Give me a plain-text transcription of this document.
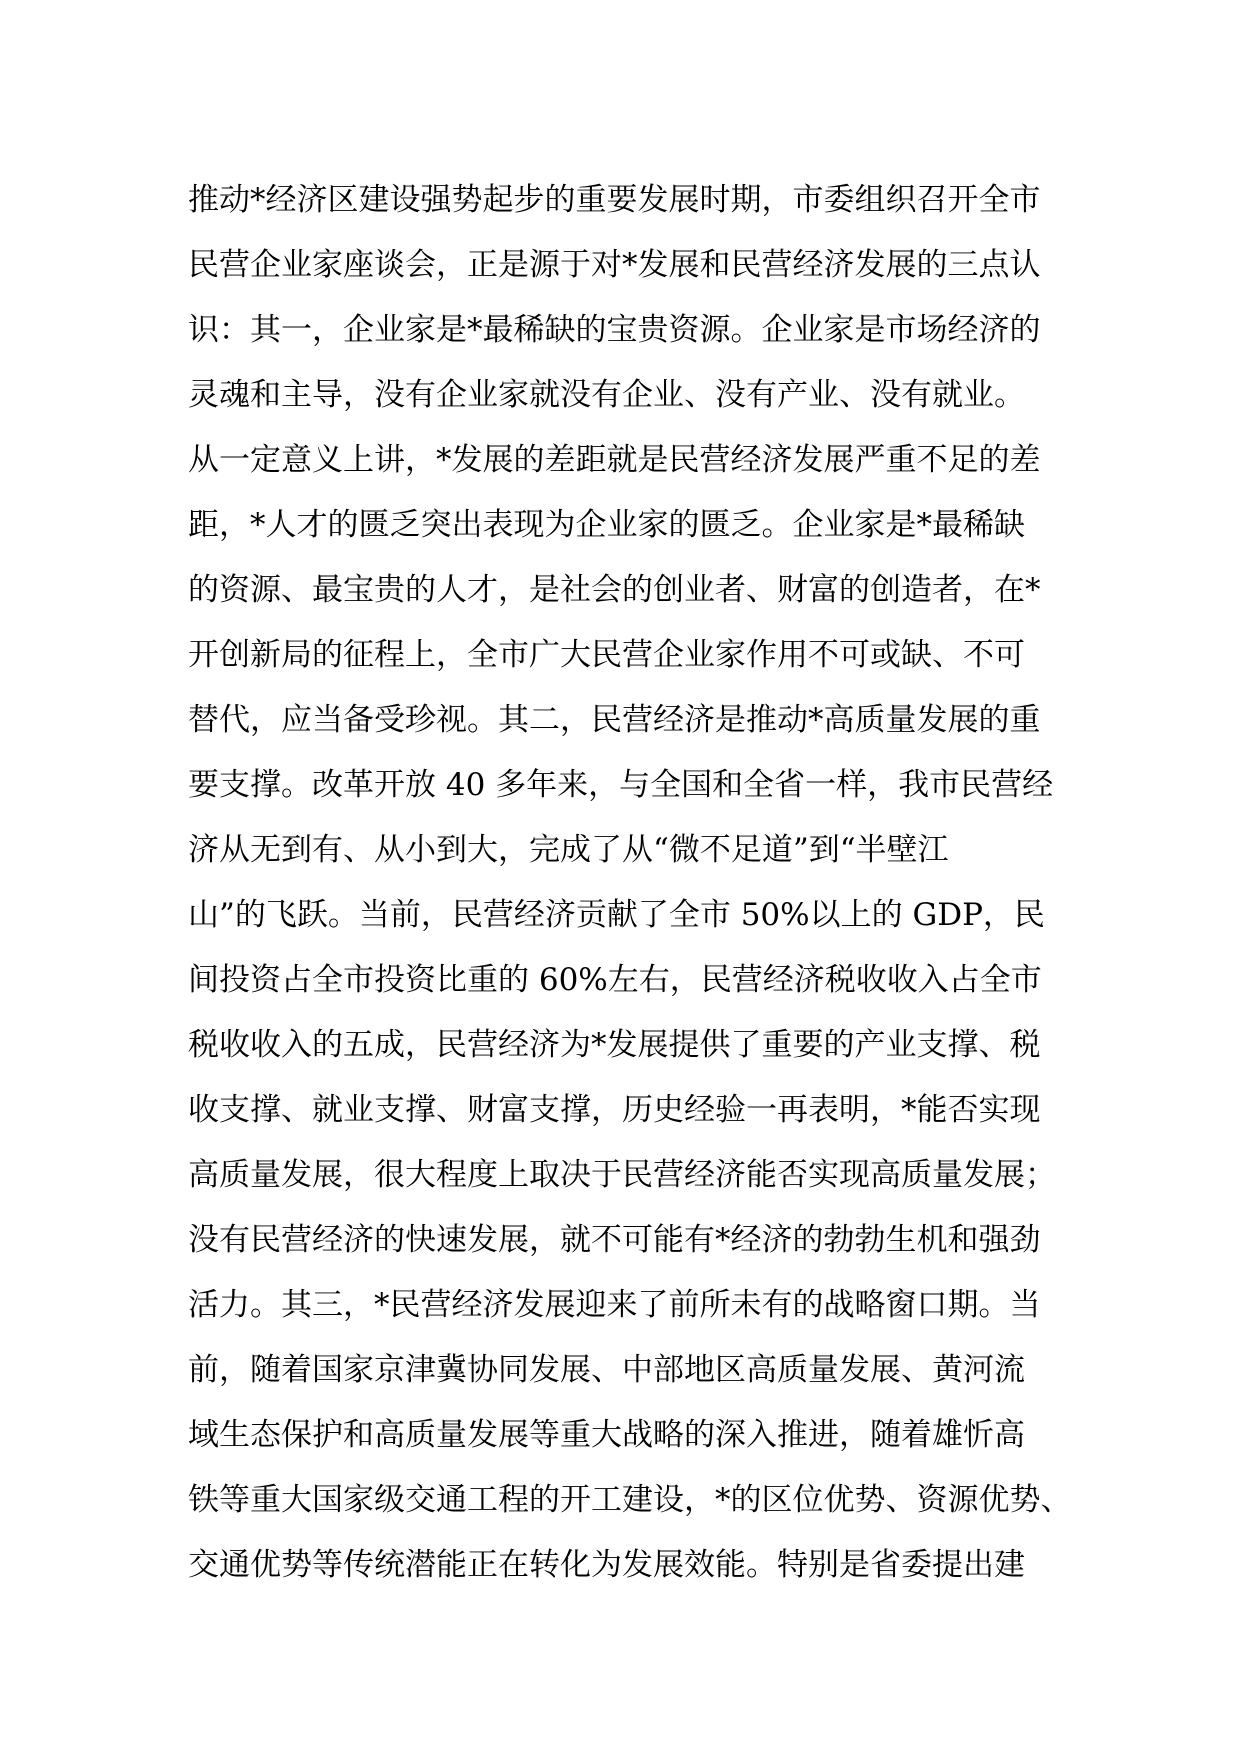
推动*经济区建设强势起步的重要发展时期，市委组织召开全市
民营企业家座谈会，正是源于对*发展和民营经济发展的三点认
识：其一，企业家是*最稀缺的宝贵资源。企业家是市场经济的
灵魂和主导，没有企业家就没有企业、没有产业、没有就业。
从一定意义上讲，*发展的差距就是民营经济发展严重不足的差
距，*人才的匮乏突出表现为企业家的匮乏。企业家是*最稀缺
的资源、最宝贵的人才，是社会的创业者、财富的创造者，在*
开创新局的征程上，全市广大民营企业家作用不可或缺、不可
替代，应当备受珍视。其二，民营经济是推动*高质量发展的重
要支撑。改革开放 40 多年来，与全国和全省一样，我市民营经
济从无到有、从小到大，完成了从“微不足道”到“半壁江
山”的飞跃。当前，民营经济贡献了全市 50%以上的 GDP，民
间投资占全市投资比重的 60%左右，民营经济税收收入占全市
税收收入的五成，民营经济为*发展提供了重要的产业支撑、税
收支撑、就业支撑、财富支撑，历史经验一再表明，*能否实现
高质量发展，很大程度上取决于民营经济能否实现高质量发展；
没有民营经济的快速发展，就不可能有*经济的勃勃生机和强劲
活力。其三，*民营经济发展迎来了前所未有的战略窗口期。当
前，随着国家京津冀协同发展、中部地区高质量发展、黄河流
域生态保护和高质量发展等重大战略的深入推进，随着雄忻高
铁等重大国家级交通工程的开工建设，*的区位优势、资源优势、
交通优势等传统潜能正在转化为发展效能。特别是省委提出建
